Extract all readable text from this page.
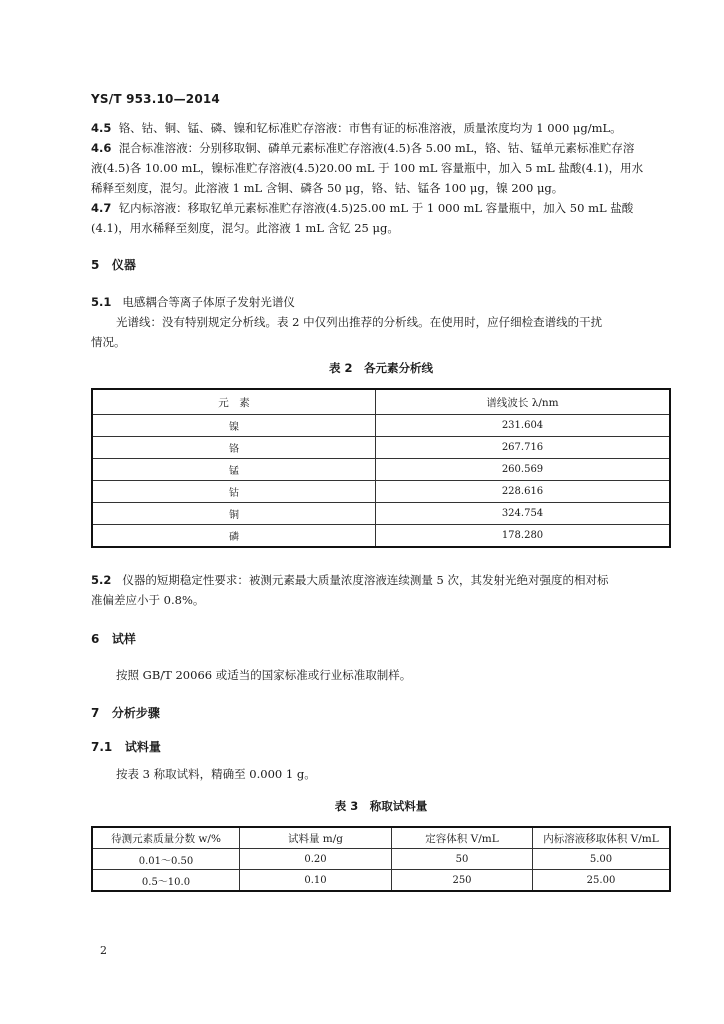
YS/T 953.10—2014
4.5 铬、钴、铜、锰、磷、镍和钇标准贮存溶液：市售有证的标准溶液，质量浓度均为 1 000 μg/mL。
4.6 混合标准溶液：分别移取铜、磷单元素标准贮存溶液(4.5)各 5.00 mL，铬、钴、锰单元素标准贮存溶
液(4.5)各 10.00 mL，镍标准贮存溶液(4.5)20.00 mL 于 100 mL 容量瓶中，加入 5 mL 盐酸(4.1)，用水
稀释至刻度，混匀。此溶液 1 mL 含铜、磷各 50 μg，铬、钴、锰各 100 μg，镍 200 μg。
4.7 钇内标溶液：移取钇单元素标准贮存溶液(4.5)25.00 mL 于 1 000 mL 容量瓶中，加入 50 mL 盐酸
(4.1)，用水稀释至刻度，混匀。此溶液 1 mL 含钇 25 μg。
5 仪器
5.1 电感耦合等离子体原子发射光谱仪
光谱线：没有特别规定分析线。表 2 中仅列出推荐的分析线。在使用时，应仔细检查谱线的干扰
情况。
表 2　各元素分析线
元　素	谱线波长 λ/nm
镍	231.604
铬	267.716
锰	260.569
钴	228.616
铜	324.754
磷	178.280
5.2 仪器的短期稳定性要求：被测元素最大质量浓度溶液连续测量 5 次，其发射光绝对强度的相对标
准偏差应小于 0.8%。
6 试样
按照 GB/T 20066 或适当的国家标准或行业标准取制样。
7 分析步骤
7.1 试料量
按表 3 称取试料，精确至 0.000 1 g。
表 3　称取试料量
待测元素质量分数 w/%	试料量 m/g	定容体积 V/mL	内标溶液移取体积 V/mL
0.01～0.50	0.20	50	5.00
0.5～10.0	0.10	250	25.00
2
